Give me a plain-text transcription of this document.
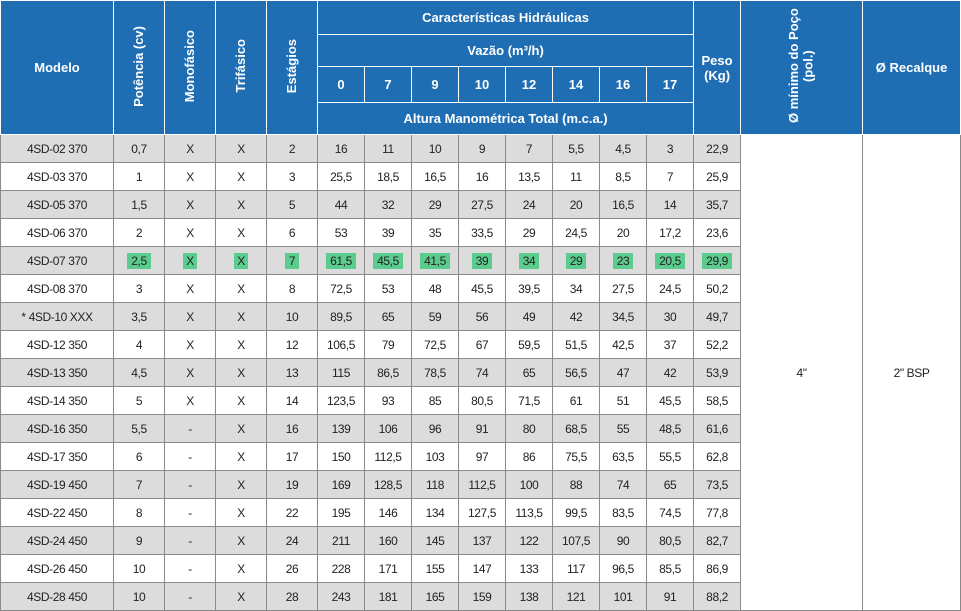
Modelo	Potência (cv)	Monofásico	Trifásico	Estágios	Características Hidráulicas								Peso (Kg)	Ø mínimo do Poço (pol.)	Ø Recalque
					Vazão (m³/h)										
					0	7	9	10	12	14	16	17			
					Altura Manométrica Total (m.c.a.)										
4SD-02 370	0,7	X	X	2	16	11	10	9	7	5,5	4,5	3	22,9	4"	2" BSP
4SD-03 370	1	X	X	3	25,5	18,5	16,5	16	13,5	11	8,5	7	25,9		
4SD-05 370	1,5	X	X	5	44	32	29	27,5	24	20	16,5	14	35,7		
4SD-06 370	2	X	X	6	53	39	35	33,5	29	24,5	20	17,2	23,6		
4SD-07 370	2,5	X	X	7	61,5	45,5	41,5	39	34	29	23	20,5	29,9		
4SD-08 370	3	X	X	8	72,5	53	48	45,5	39,5	34	27,5	24,5	50,2		
* 4SD-10 XXX	3,5	X	X	10	89,5	65	59	56	49	42	34,5	30	49,7		
4SD-12 350	4	X	X	12	106,5	79	72,5	67	59,5	51,5	42,5	37	52,2		
4SD-13 350	4,5	X	X	13	115	86,5	78,5	74	65	56,5	47	42	53,9		
4SD-14 350	5	X	X	14	123,5	93	85	80,5	71,5	61	51	45,5	58,5		
4SD-16 350	5,5	-	X	16	139	106	96	91	80	68,5	55	48,5	61,6		
4SD-17 350	6	-	X	17	150	112,5	103	97	86	75,5	63,5	55,5	62,8		
4SD-19 450	7	-	X	19	169	128,5	118	112,5	100	88	74	65	73,5		
4SD-22 450	8	-	X	22	195	146	134	127,5	113,5	99,5	83,5	74,5	77,8		
4SD-24 450	9	-	X	24	211	160	145	137	122	107,5	90	80,5	82,7		
4SD-26 450	10	-	X	26	228	171	155	147	133	117	96,5	85,5	86,9		
4SD-28 450	10	-	X	28	243	181	165	159	138	121	101	91	88,2		
